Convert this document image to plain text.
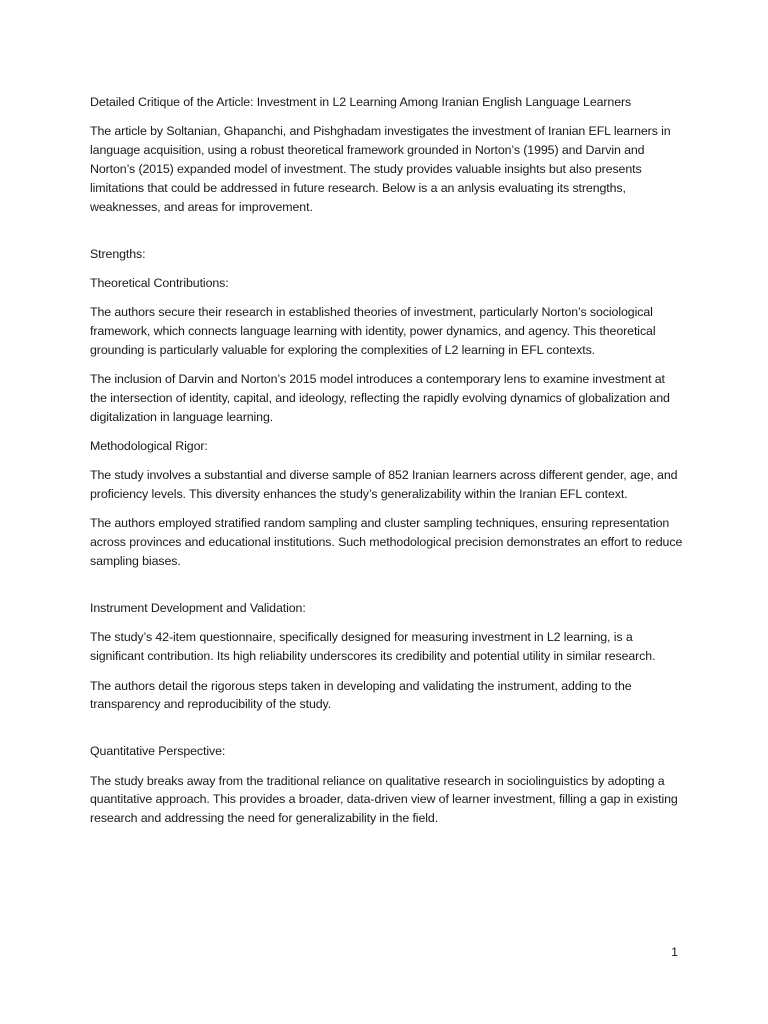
Detailed Critique of the Article: Investment in L2 Learning Among Iranian English Language Learners

The article by Soltanian, Ghapanchi, and Pishghadam investigates the investment of Iranian EFL learners in language acquisition, using a robust theoretical framework grounded in Norton’s (1995) and Darvin and Norton’s (2015) expanded model of investment. The study provides valuable insights but also presents limitations that could be addressed in future research. Below is a an anlysis evaluating its strengths, weaknesses, and areas for improvement.

Strengths:

Theoretical Contributions:

The authors secure their research in established theories of investment, particularly Norton’s sociological framework, which connects language learning with identity, power dynamics, and agency. This theoretical grounding is particularly valuable for exploring the complexities of L2 learning in EFL contexts.

The inclusion of Darvin and Norton’s 2015 model introduces a contemporary lens to examine investment at the intersection of identity, capital, and ideology, reflecting the rapidly evolving dynamics of globalization and digitalization in language learning.

Methodological Rigor:

The study involves a substantial and diverse sample of 852 Iranian learners across different gender, age, and proficiency levels. This diversity enhances the study’s generalizability within the Iranian EFL context.

The authors employed stratified random sampling and cluster sampling techniques, ensuring representation across provinces and educational institutions. Such methodological precision demonstrates an effort to reduce sampling biases.

Instrument Development and Validation:

The study’s 42-item questionnaire, specifically designed for measuring investment in L2 learning, is a significant contribution. Its high reliability underscores its credibility and potential utility in similar research.

The authors detail the rigorous steps taken in developing and validating the instrument, adding to the transparency and reproducibility of the study.

Quantitative Perspective:

The study breaks away from the traditional reliance on qualitative research in sociolinguistics by adopting a quantitative approach. This provides a broader, data-driven view of learner investment, filling a gap in existing research and addressing the need for generalizability in the field.

1
